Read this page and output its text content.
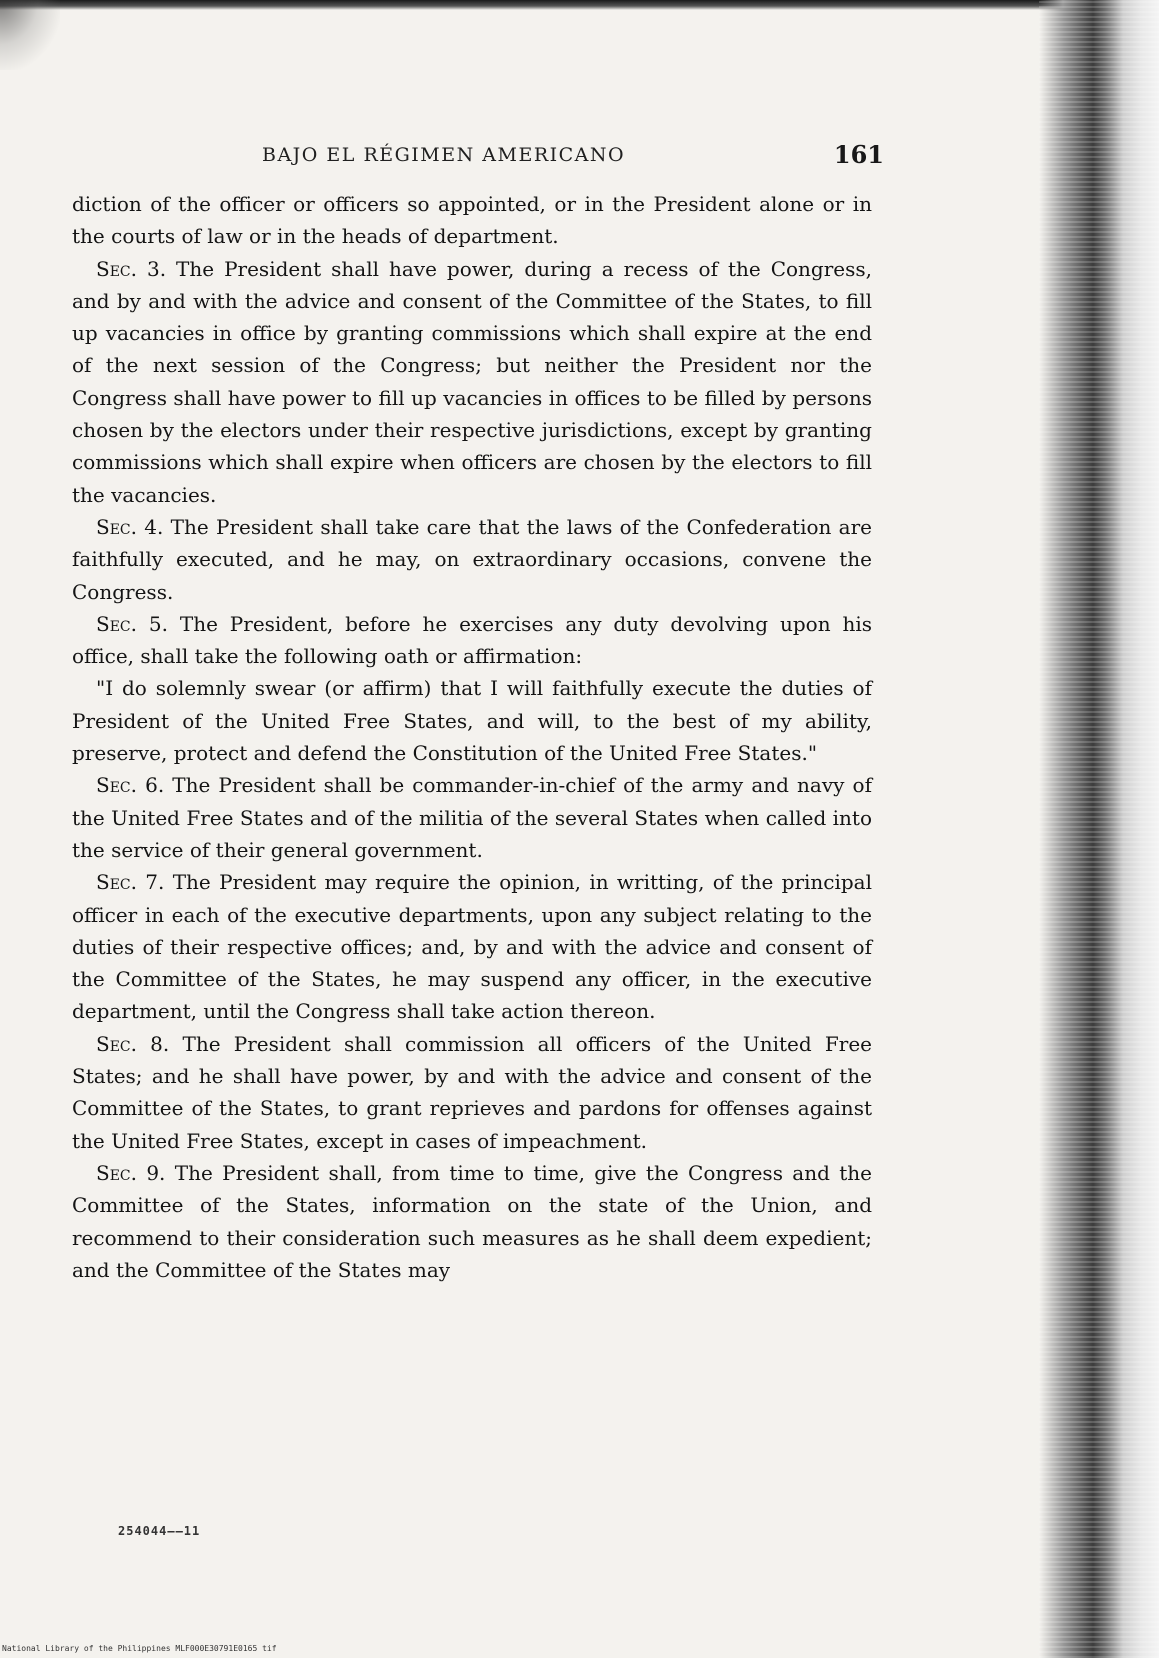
BAJO EL RÉGIMEN AMERICANO	161

diction of the officer or officers so appointed, or in the President alone or in the courts of law or in the heads of department.

Sec. 3. The President shall have power, during a recess of the Congress, and by and with the advice and consent of the Committee of the States, to fill up vacancies in office by granting commissions which shall expire at the end of the next session of the Congress; but neither the President nor the Congress shall have power to fill up vacancies in offices to be filled by persons chosen by the electors under their respective jurisdictions, except by granting commissions which shall expire when officers are chosen by the electors to fill the vacancies.

Sec. 4. The President shall take care that the laws of the Confederation are faithfully executed, and he may, on extraordinary occasions, convene the Congress.

Sec. 5. The President, before he exercises any duty devolving upon his office, shall take the following oath or affirmation:

"I do solemnly swear (or affirm) that I will faithfully execute the duties of President of the United Free States, and will, to the best of my ability, preserve, protect and defend the Constitution of the United Free States."

Sec. 6. The President shall be commander-in-chief of the army and navy of the United Free States and of the militia of the several States when called into the service of their general government.

Sec. 7. The President may require the opinion, in writting, of the principal officer in each of the executive departments, upon any subject relating to the duties of their respective offices; and, by and with the advice and consent of the Committee of the States, he may suspend any officer, in the executive department, until the Congress shall take action thereon.

Sec. 8. The President shall commission all officers of the United Free States; and he shall have power, by and with the advice and consent of the Committee of the States, to grant reprieves and pardons for offenses against the United Free States, except in cases of impeachment.

Sec. 9. The President shall, from time to time, give the Congress and the Committee of the States, information on the state of the Union, and recommend to their consideration such measures as he shall deem expedient; and the Committee of the States may

254044——11
National Library of the Philippines MLF000E30791E0165 tif
